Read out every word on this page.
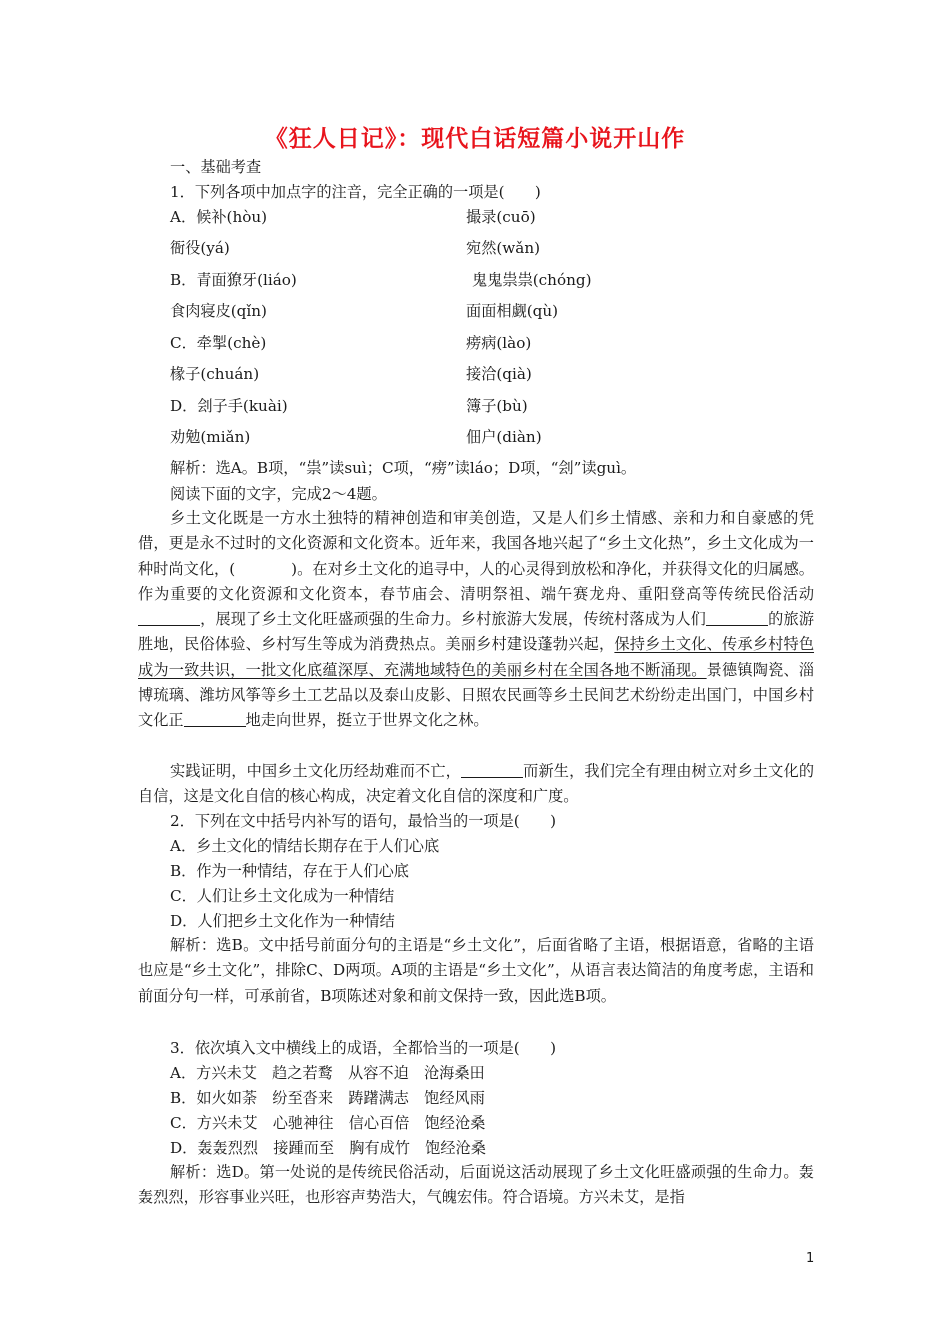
《狂人日记》：现代白话短篇小说开山作
一、基础考查
1．下列各项中加点字的注音，完全正确的一项是(　　)
A．候补(hòu)	撮录(cuō)
衙役(yá)	宛然(wǎn)
B．青面獠牙(liáo)	鬼鬼祟祟(chóng)
食肉寝皮(qǐn)	面面相觑(qù)
C．牵掣(chè)	痨病(lào)
椽子(chuán)	接洽(qià)
D．刽子手(kuài)	簿子(bù)
劝勉(miǎn)	佃户(diàn)
解析：选A。B项，“祟”读suì；C项，“痨”读láo；D项，“刽”读guì。
阅读下面的文字，完成2～4题。
乡土文化既是一方水土独特的精神创造和审美创造，又是人们乡土情感、亲和力和自豪感的凭借，更是永不过时的文化资源和文化资本。近年来，我国各地兴起了“乡土文化热”，乡土文化成为一种时尚文化，(	)。在对乡土文化的追寻中，人的心灵得到放松和净化，并获得文化的归属感。作为重要的文化资源和文化资本，春节庙会、清明祭祖、端午赛龙舟、重阳登高等传统民俗活动，展现了乡土文化旺盛顽强的生命力。乡村旅游大发展，传统村落成为人们	的旅游胜地，民俗体验、乡村写生等成为消费热点。美丽乡村建设蓬勃兴起，保持乡土文化、传承乡村特色成为一致共识，一批文化底蕴深厚、充满地域特色的美丽乡村在全国各地不断涌现。景德镇陶瓷、淄博琉璃、潍坊风筝等乡土工艺品以及泰山皮影、日照农民画等乡土民间艺术纷纷走出国门，中国乡村文化正	地走向世界，挺立于世界文化之林。
实践证明，中国乡土文化历经劫难而不亡，	而新生，我们完全有理由树立对乡土文化的自信，这是文化自信的核心构成，决定着文化自信的深度和广度。
2．下列在文中括号内补写的语句，最恰当的一项是(　　)
A．乡土文化的情结长期存在于人们心底
B．作为一种情结，存在于人们心底
C．人们让乡土文化成为一种情结
D．人们把乡土文化作为一种情结
解析：选B。文中括号前面分句的主语是“乡土文化”，后面省略了主语，根据语意，省略的主语也应是“乡土文化”，排除C、D两项。A项的主语是“乡土文化”，从语言表达简洁的角度考虑，主语和前面分句一样，可承前省，B项陈述对象和前文保持一致，因此选B项。
3．依次填入文中横线上的成语，全都恰当的一项是(　　)
A．方兴未艾　趋之若鹜　从容不迫　沧海桑田
B．如火如荼　纷至沓来　踌躇满志　饱经风雨
C．方兴未艾　心驰神往　信心百倍　饱经沧桑
D．轰轰烈烈　接踵而至　胸有成竹　饱经沧桑
解析：选D。第一处说的是传统民俗活动，后面说这活动展现了乡土文化旺盛顽强的生命力。轰轰烈烈，形容事业兴旺，也形容声势浩大，气魄宏伟。符合语境。方兴未艾，是指
1
